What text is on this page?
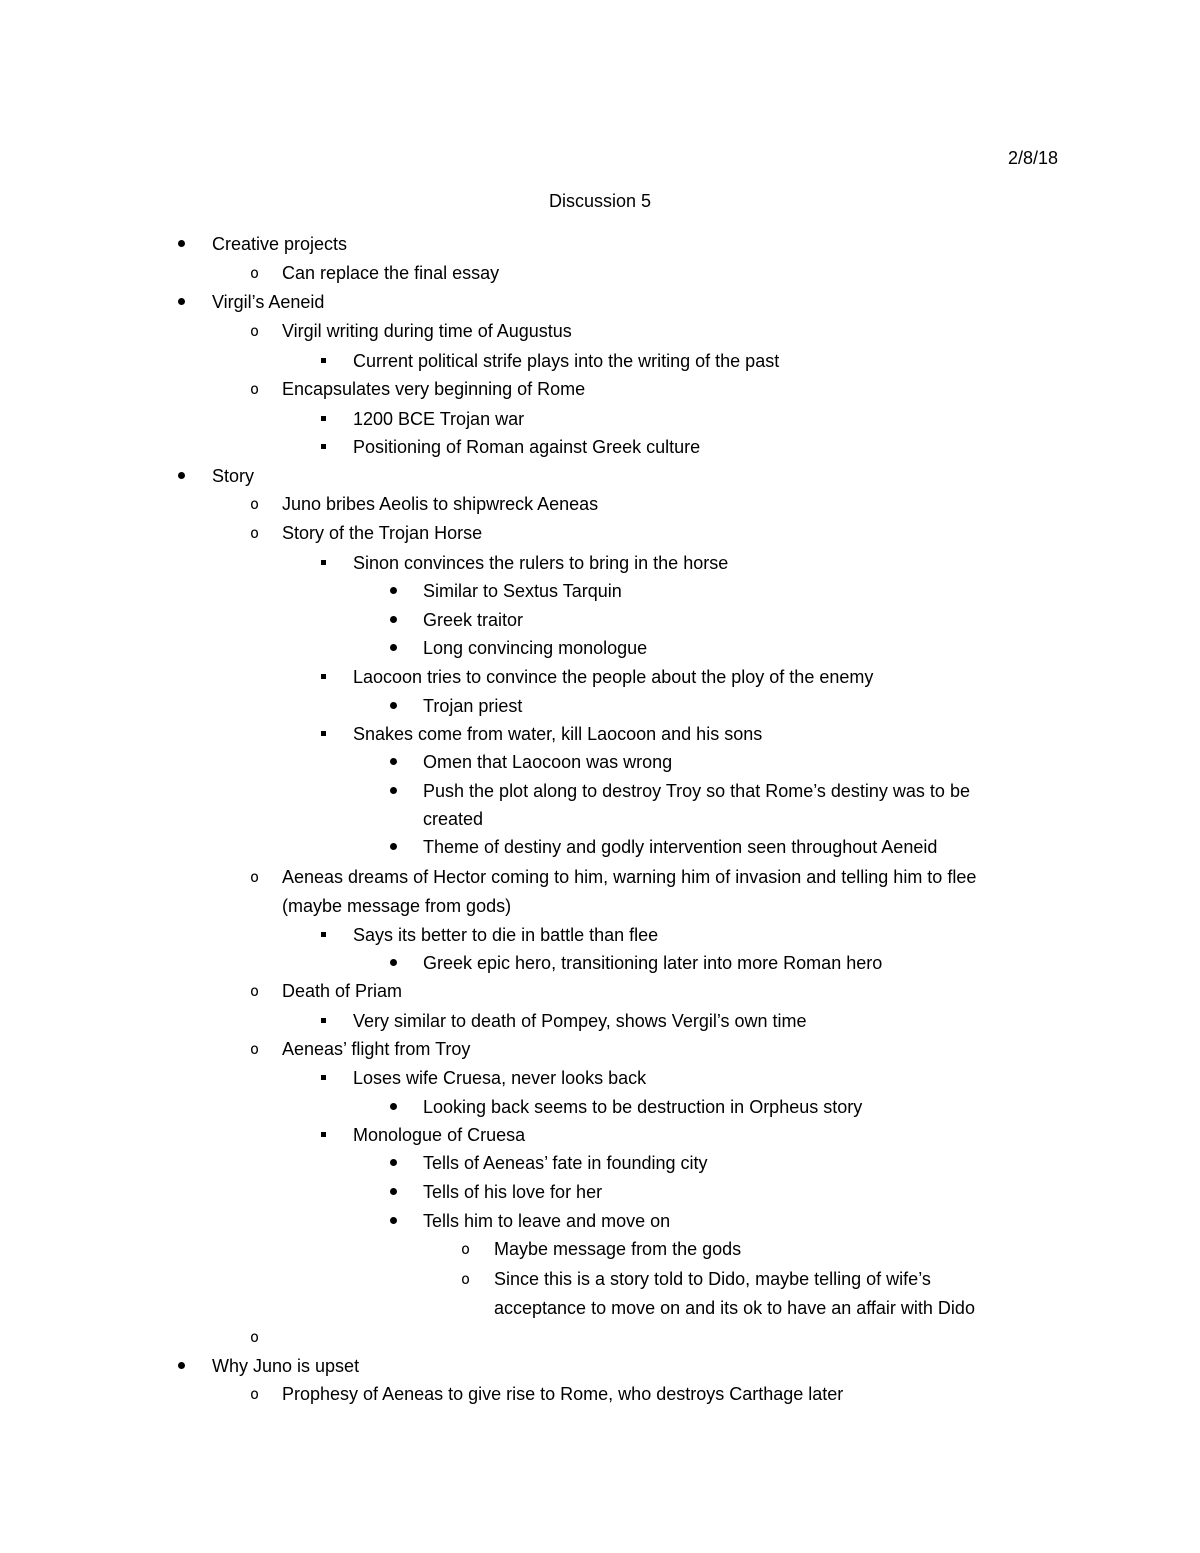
2/8/18
Discussion 5
Creative projects
o
Can replace the final essay
Virgil’s Aeneid
o
Virgil writing during time of Augustus
Current political strife plays into the writing of the past
o
Encapsulates very beginning of Rome
1200 BCE Trojan war
Positioning of Roman against Greek culture
Story
o
Juno bribes Aeolis to shipwreck Aeneas
o
Story of the Trojan Horse
Sinon convinces the rulers to bring in the horse
Similar to Sextus Tarquin
Greek traitor
Long convincing monologue
Laocoon tries to convince the people about the ploy of the enemy
Trojan priest
Snakes come from water, kill Laocoon and his sons
Omen that Laocoon was wrong
Push the plot along to destroy Troy so that Rome’s destiny was to be
created
Theme of destiny and godly intervention seen throughout Aeneid
o
Aeneas dreams of Hector coming to him, warning him of invasion and telling him to flee
(maybe message from gods)
Says its better to die in battle than flee
Greek epic hero, transitioning later into more Roman hero
o
Death of Priam
Very similar to death of Pompey, shows Vergil’s own time
o
Aeneas’ flight from Troy
Loses wife Cruesa, never looks back
Looking back seems to be destruction in Orpheus story
Monologue of Cruesa
Tells of Aeneas’ fate in founding city
Tells of his love for her
Tells him to leave and move on
o
Maybe message from the gods
o
Since this is a story told to Dido, maybe telling of wife’s
acceptance to move on and its ok to have an affair with Dido
o
Why Juno is upset
o
Prophesy of Aeneas to give rise to Rome, who destroys Carthage later
